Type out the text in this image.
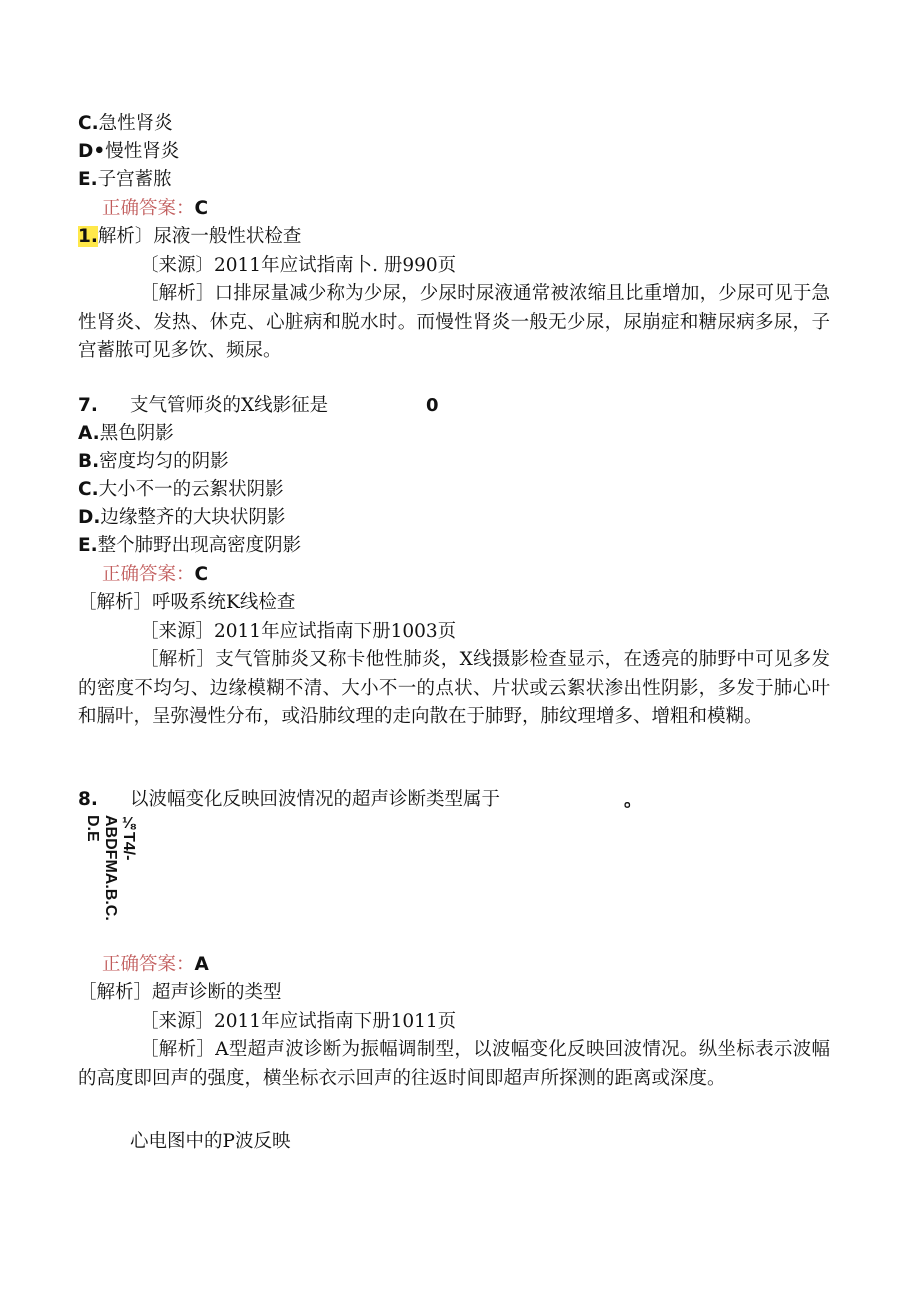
C.急性肾炎
D•慢性肾炎
E.子宫蓄脓
正确答案：C
1.解析〕尿液一般性状检查
〔来源〕2011年应试指南卜. 册990页
［解析］口排尿量减少称为少尿，少尿时尿液通常被浓缩且比重增加，少尿可见于急性肾炎、发热、休克、心脏病和脱水时。而慢性肾炎一般无少尿，尿崩症和糖尿病多尿，子宫蓄脓可见多饮、频尿。
7. 支气管师炎的X线影征是	0
A.黑色阴影
B.密度均匀的阴影
C.大小不一的云絮状阴影
D.边缘整齐的大块状阴影
E.整个肺野出现高密度阴影
正确答案：C
［解析］呼吸系统K线检查
［来源］2011年应试指南下册1003页
［解析］支气管肺炎又称卡他性肺炎，X线摄影检查显示，在透亮的肺野中可见多发的密度不均匀、边缘模糊不清、大小不一的点状、片状或云絮状渗出性阴影，多发于肺心叶和膈叶，呈弥漫性分布，或沿肺纹理的走向散在于肺野，肺纹理增多、增粗和模糊。
8. 以波幅变化反映回波情况的超声诊断类型属于	。
⅛T4/-
ABDFMA.B.C.
D.E
正确答案：A
［解析］超声诊断的类型
［来源］2011年应试指南下册1011页
［解析］A型超声波诊断为振幅调制型，以波幅变化反映回波情况。纵坐标表示波幅的高度即回声的强度，横坐标衣示回声的往返时间即超声所探测的距离或深度。
心电图中的P波反映
